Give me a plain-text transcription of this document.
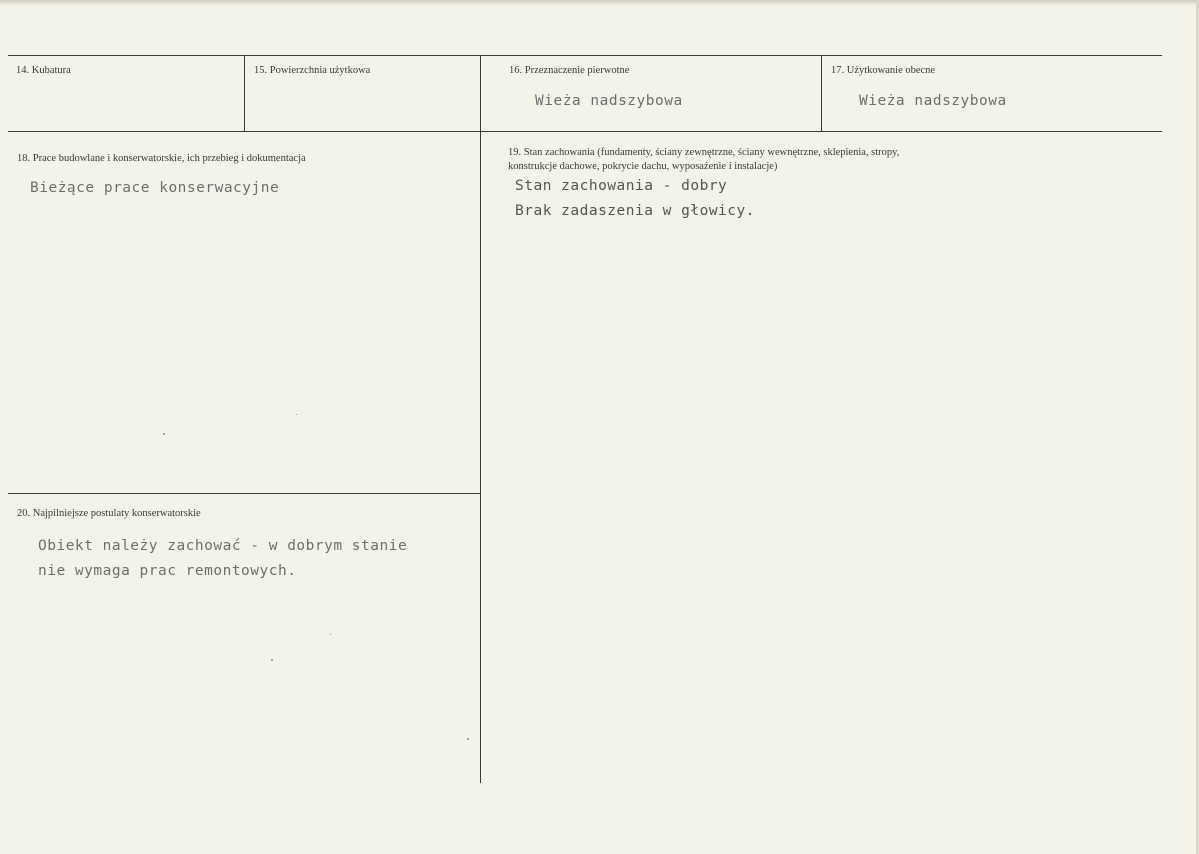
14. Kubatura	15. Powierzchnia użytkowa	16. Przeznaczenie pierwotne
Wieża nadszybowa
17. Użytkowanie obecne
Wieża nadszybowa
18. Prace budowlane i konserwatorskie, ich przebieg i dokumentacja
Bieżące prace konserwacyjne
19. Stan zachowania (fundamenty, ściany zewnętrzne, ściany wewnętrzne, sklepienia, stropy,
konstrukcje dachowe, pokrycie dachu, wyposażenie i instalacje)
Stan zachowania - dobry
Brak zadaszenia w głowicy.
20. Najpilniejsze postulaty konserwatorskie
Obiekt należy zachować - w dobrym stanie
nie wymaga prac remontowych.
